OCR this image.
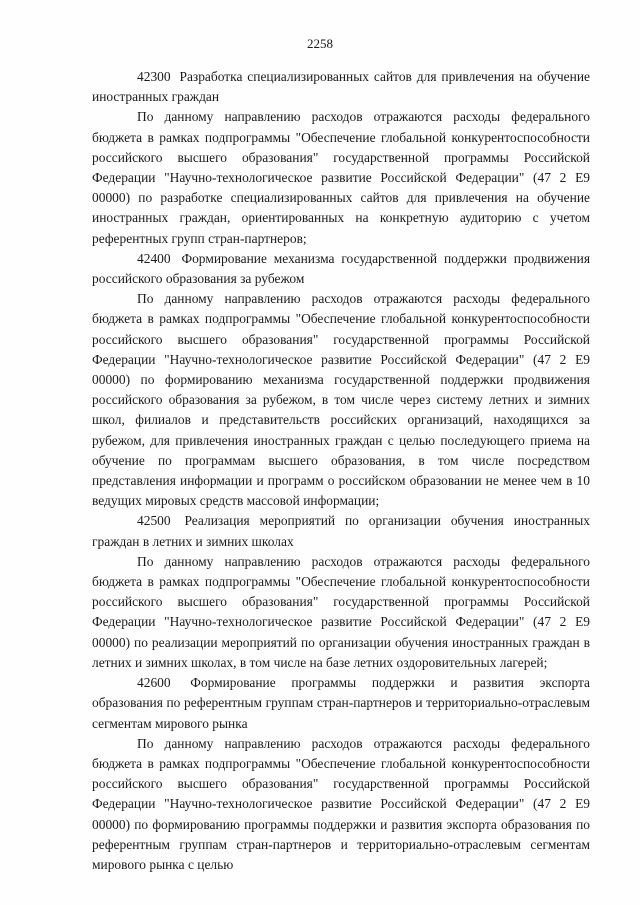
2258

42300 Разработка специализированных сайтов для привлечения на обучение иностранных граждан

По данному направлению расходов отражаются расходы федерального бюджета в рамках подпрограммы "Обеспечение глобальной конкурентоспособности российского высшего образования" государственной программы Российской Федерации "Научно-технологическое развитие Российской Федерации" (47 2 Е9 00000) по разработке специализированных сайтов для привлечения на обучение иностранных граждан, ориентированных на конкретную аудиторию с учетом референтных групп стран-партнеров;

42400 Формирование механизма государственной поддержки продвижения российского образования за рубежом

По данному направлению расходов отражаются расходы федерального бюджета в рамках подпрограммы "Обеспечение глобальной конкурентоспособности российского высшего образования" государственной программы Российской Федерации "Научно-технологическое развитие Российской Федерации" (47 2 Е9 00000) по формированию механизма государственной поддержки продвижения российского образования за рубежом, в том числе через систему летних и зимних школ, филиалов и представительств российских организаций, находящихся за рубежом, для привлечения иностранных граждан с целью последующего приема на обучение по программам высшего образования, в том числе посредством представления информации и программ о российском образовании не менее чем в 10 ведущих мировых средств массовой информации;

42500 Реализация мероприятий по организации обучения иностранных граждан в летних и зимних школах

По данному направлению расходов отражаются расходы федерального бюджета в рамках подпрограммы "Обеспечение глобальной конкурентоспособности российского высшего образования" государственной программы Российской Федерации "Научно-технологическое развитие Российской Федерации" (47 2 Е9 00000) по реализации мероприятий по организации обучения иностранных граждан в летних и зимних школах, в том числе на базе летних оздоровительных лагерей;

42600 Формирование программы поддержки и развития экспорта образования по референтным группам стран-партнеров и территориально-отраслевым сегментам мирового рынка

По данному направлению расходов отражаются расходы федерального бюджета в рамках подпрограммы "Обеспечение глобальной конкурентоспособности российского высшего образования" государственной программы Российской Федерации "Научно-технологическое развитие Российской Федерации" (47 2 Е9 00000) по формированию программы поддержки и развития экспорта образования по референтным группам стран-партнеров и территориально-отраслевым сегментам мирового рынка с целью
